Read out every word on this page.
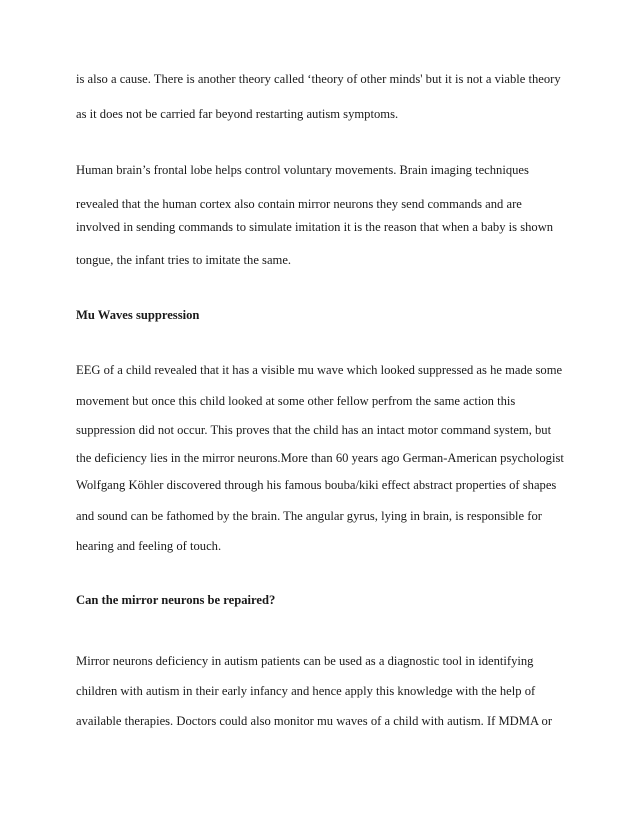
is also a cause. There is another theory called ‘theory of other minds' but it is not a viable theory
as it does not be carried far beyond restarting autism symptoms.
Human brain’s frontal lobe helps control voluntary movements. Brain imaging techniques
revealed that the human cortex also contain mirror neurons they send commands and are
involved in sending commands to simulate imitation it is the reason that when a baby is shown
tongue, the infant tries to imitate the same.
Mu Waves suppression
EEG of a child revealed that it has a visible mu wave which looked suppressed as he made some
movement but once this child looked at some other fellow perfrom the same action this
suppression did not occur. This proves that the child has an intact motor command system, but
the deficiency lies in the mirror neurons.More than 60 years ago German-American psychologist
Wolfgang Köhler discovered through his famous bouba/kiki effect abstract properties of shapes
and sound can be fathomed by the brain. The angular gyrus, lying in brain, is responsible for
hearing and feeling of touch.
Can the mirror neurons be repaired?
Mirror neurons deficiency in autism patients can be used as a diagnostic tool in identifying
children with autism in their early infancy and hence apply this knowledge with the help of
available therapies. Doctors could also monitor mu waves of a child with autism. If MDMA or
